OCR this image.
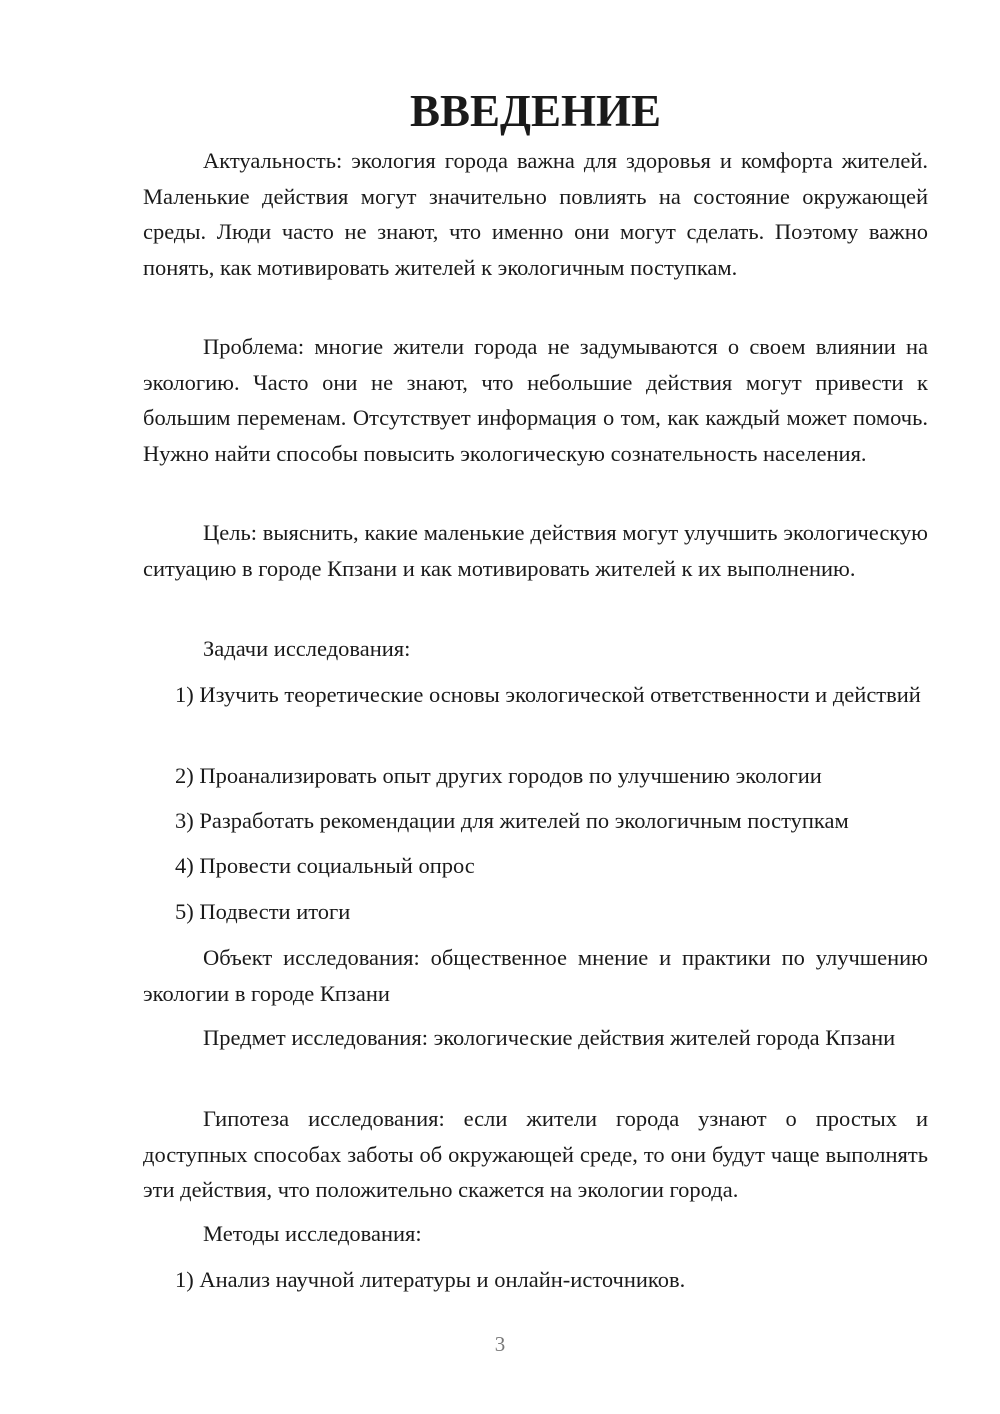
ВВЕДЕНИЕ

Актуальность: экология города важна для здоровья и комфорта жителей. Маленькие действия могут значительно повлиять на состояние окружающей среды. Люди часто не знают, что именно они могут сделать. Поэтому важно понять, как мотивировать жителей к экологичным поступкам.

Проблема: многие жители города не задумываются о своем влиянии на экологию. Часто они не знают, что небольшие действия могут привести к большим переменам. Отсутствует информация о том, как каждый может помочь. Нужно найти способы повысить экологическую сознательность населения.

Цель: выяснить, какие маленькие действия могут улучшить экологическую ситуацию в городе Кпзани и как мотивировать жителей к их выполнению.

Задачи исследования:

1) Изучить теоретические основы экологической ответственности и действий

2) Проанализировать опыт других городов по улучшению экологии

3) Разработать рекомендации для жителей по экологичным поступкам

4) Провести социальный опрос

5) Подвести итоги

Объект исследования: общественное мнение и практики по улучшению экологии в городе Кпзани

Предмет исследования: экологические действия жителей города Кпзани

Гипотеза исследования: если жители города узнают о простых и доступных способах заботы об окружающей среде, то они будут чаще выполнять эти действия, что положительно скажется на экологии города.

Методы исследования:

1) Анализ научной литературы и онлайн-источников.

3
